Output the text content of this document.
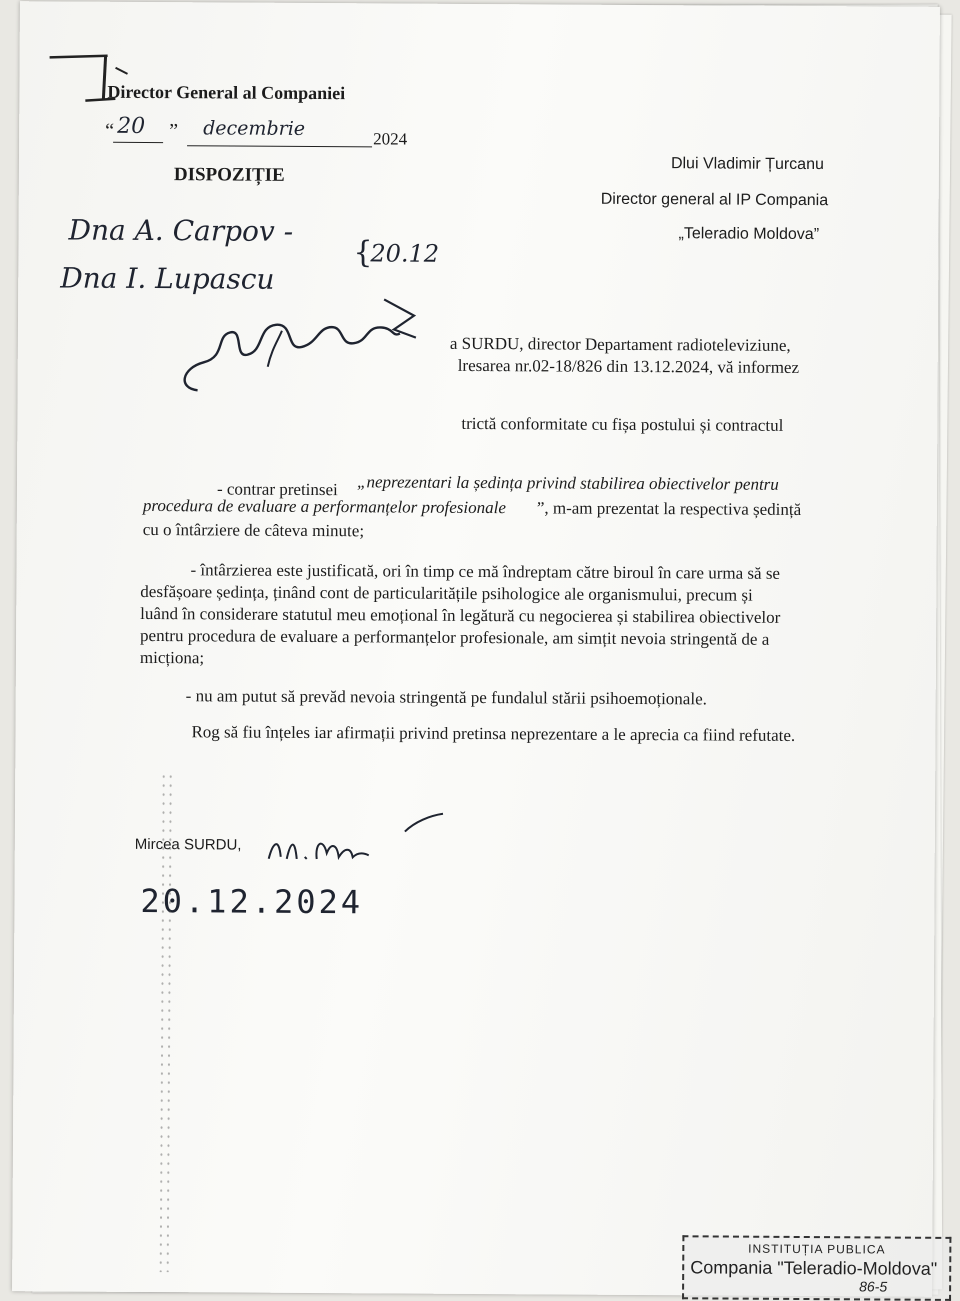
Director General al Companiei
“ 20 ” decembrie	2024
DISPOZIȚIE	Dlui Vladimir Țurcanu
Director general al IP Compania
„Teleradio Moldova”
Dna A. Carpov -
Dna I. Lupascu
{
20.12
a SURDU, director Departament radioteleviziune,
lresarea nr.02-18/826 din 13.12.2024, vă informez
trictă conformitate cu fișa postului și contractul
- contrar pretinsei „neprezentari la ședința privind stabilirea obiectivelor pentru
procedura de evaluare a performanțelor profesionale ”, m-am prezentat la respectiva ședință
cu o întârziere de câteva minute;
- întârzierea este justificată, ori în timp ce mă îndreptam către biroul în care urma să se
desfășoare ședința, ținând cont de particularitățile psihologice ale organismului, precum și
luând în considerare statutul meu emoțional în legătură cu negocierea și stabilirea obiectivelor
pentru procedura de evaluare a performanțelor profesionale, am simțit nevoia stringentă de a
micționa;
- nu am putut să prevăd nevoia stringentă pe fundalul stării psihoemoționale.
Rog să fiu înțeles iar afirmații privind pretinsa neprezentare a le aprecia ca fiind refutate.
Mircea SURDU,
20.12.2024
INSTITUȚIA PUBLICA
Compania "Teleradio-Moldova"
86-5
